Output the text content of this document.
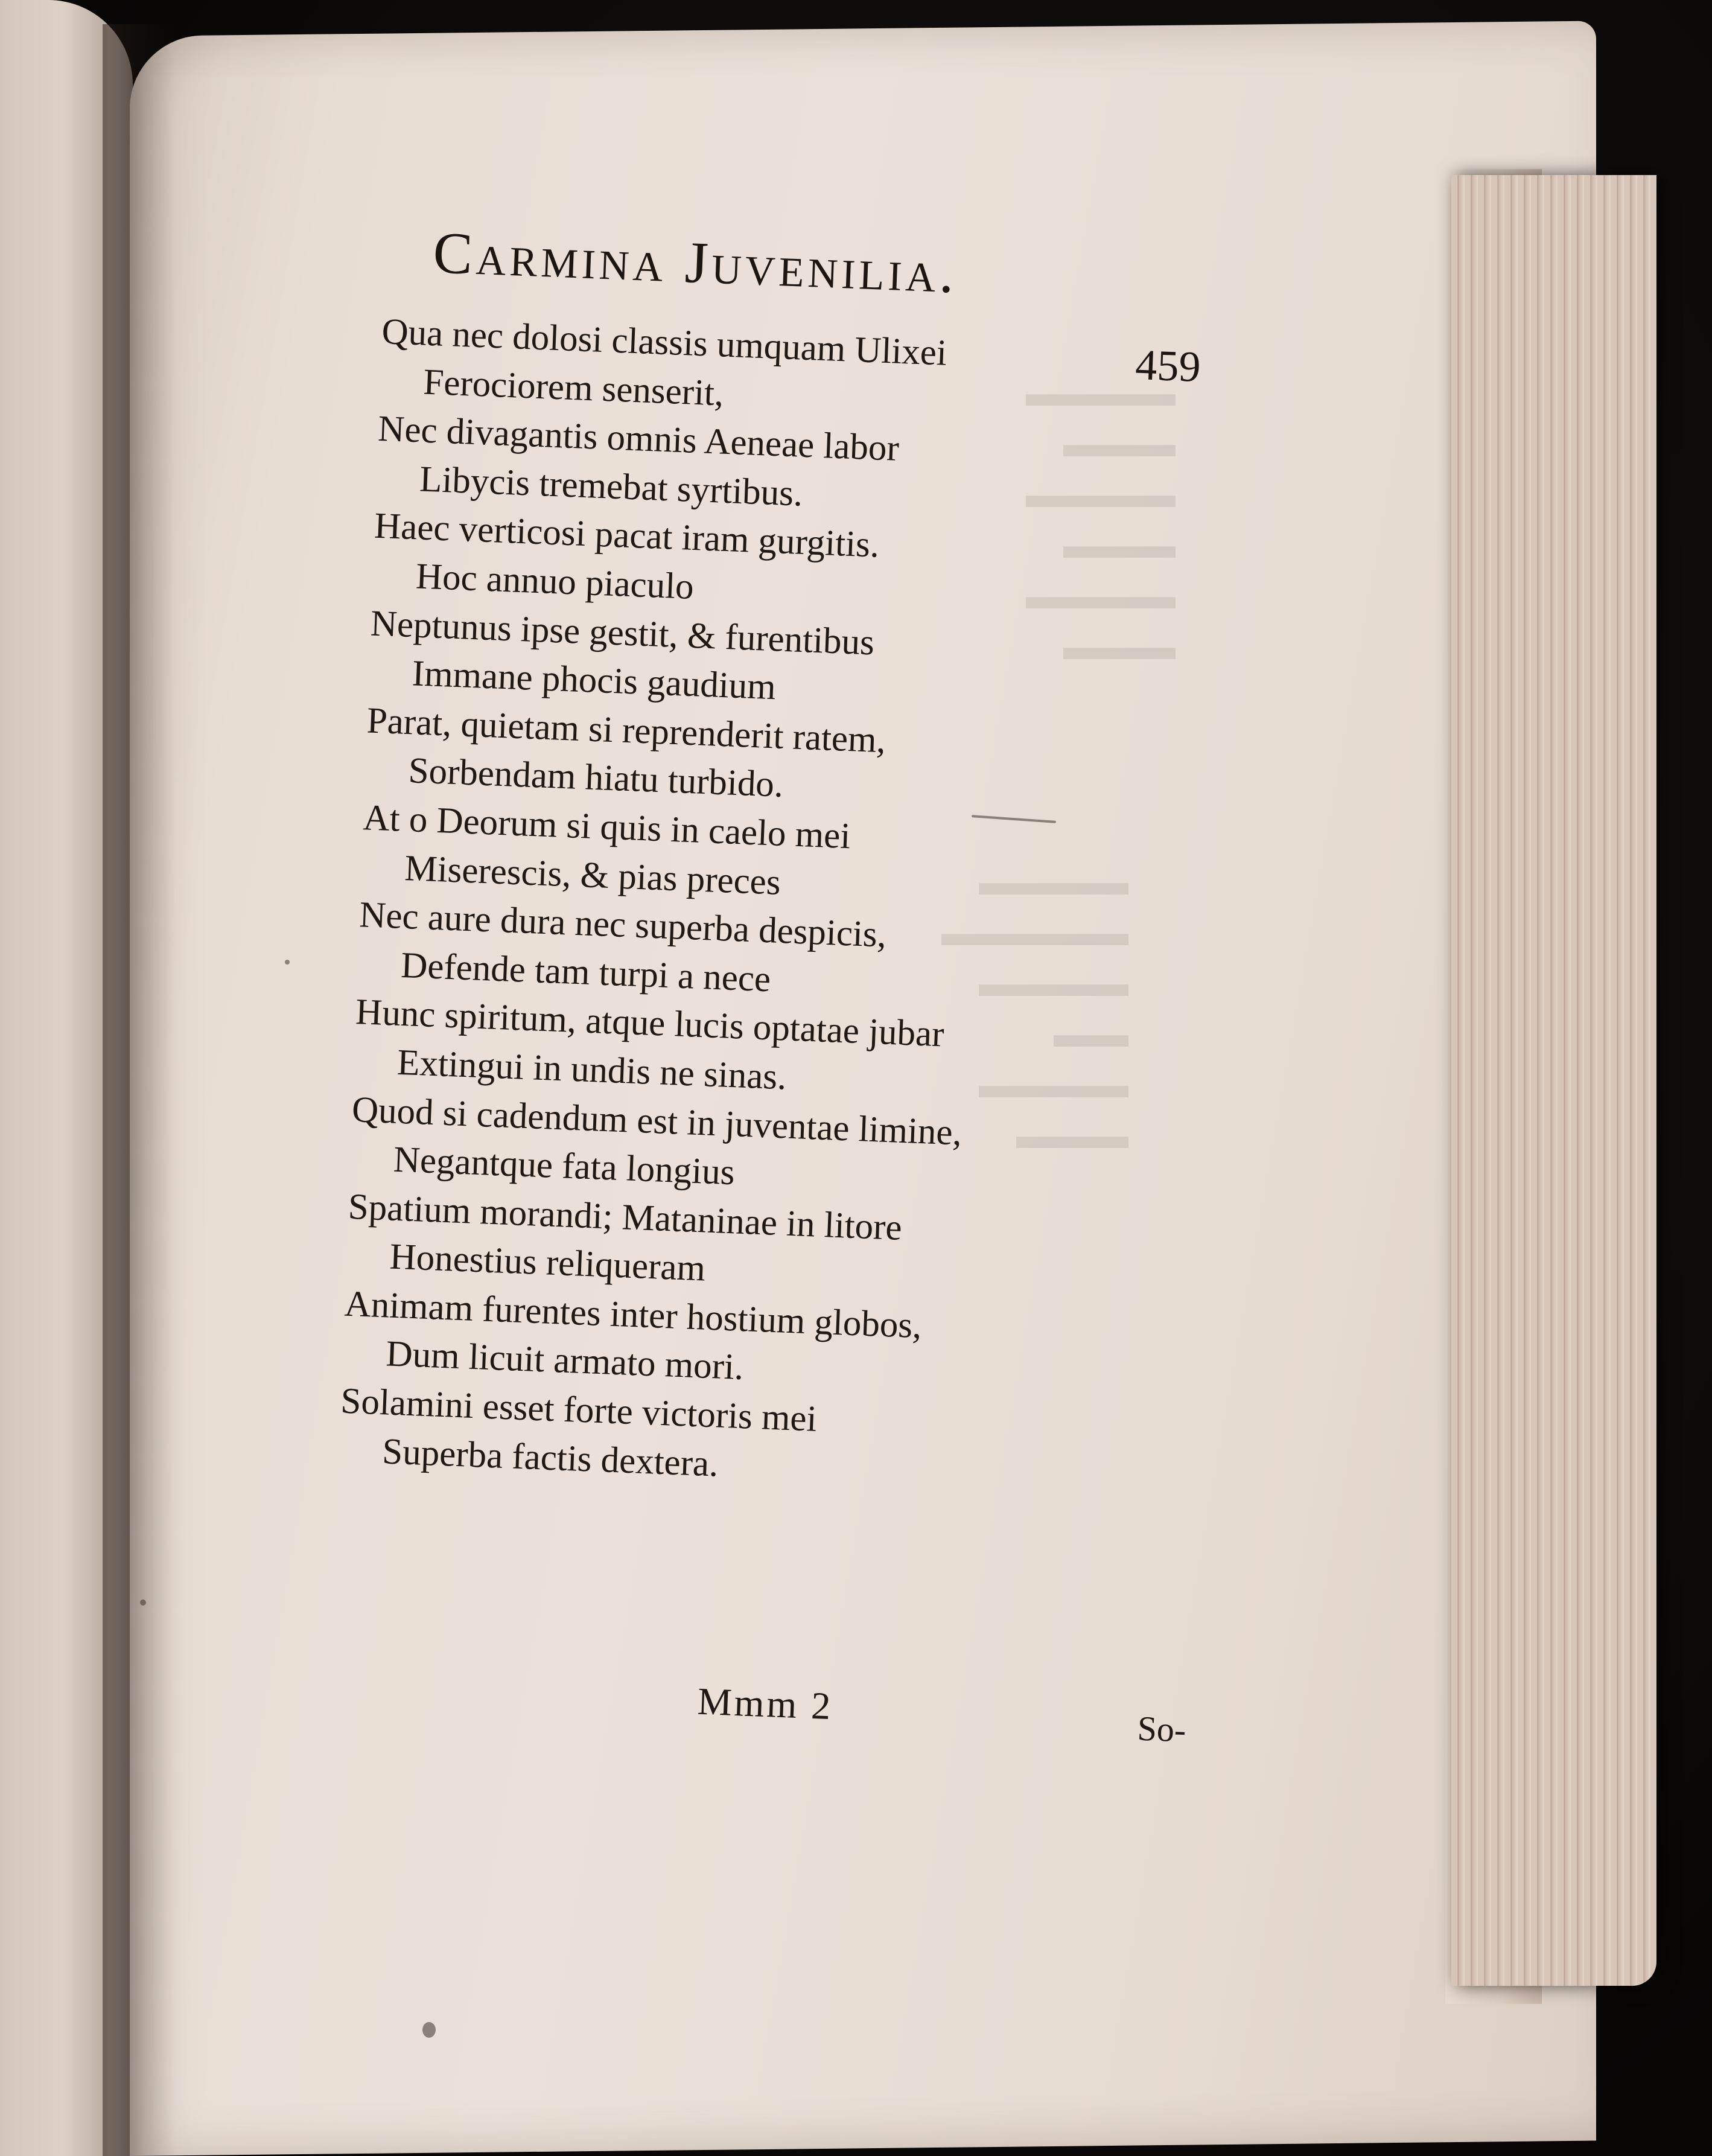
▬▬▬▬
▬▬▬
▬▬▬▬
▬▬▬
▬▬▬▬
▬▬▬
▬▬▬▬
▬▬▬▬▬
▬▬▬▬
▬▬
▬▬▬▬
▬▬▬
Carmina Juvenilia.
459
Qua nec dolosi classis umquam Ulixei
Ferociorem senserit,
Nec divagantis omnis Aeneae labor
Libycis tremebat syrtibus.
Haec verticosi pacat iram gurgitis.
Hoc annuo piaculo
Neptunus ipse gestit, & furentibus
Immane phocis gaudium
Parat, quietam si reprenderit ratem,
Sorbendam hiatu turbido.
At o Deorum si quis in caelo mei
Miserescis, & pias preces
Nec aure dura nec superba despicis,
Defende tam turpi a nece
Hunc spiritum, atque lucis optatae jubar
Extingui in undis ne sinas.
Quod si cadendum est in juventae limine,
Negantque fata longius
Spatium morandi; Mataninae in litore
Honestius reliqueram
Animam furentes inter hostium globos,
Dum licuit armato mori.
Solamini esset forte victoris mei
Superba factis dextera.
Mmm 2
So-
